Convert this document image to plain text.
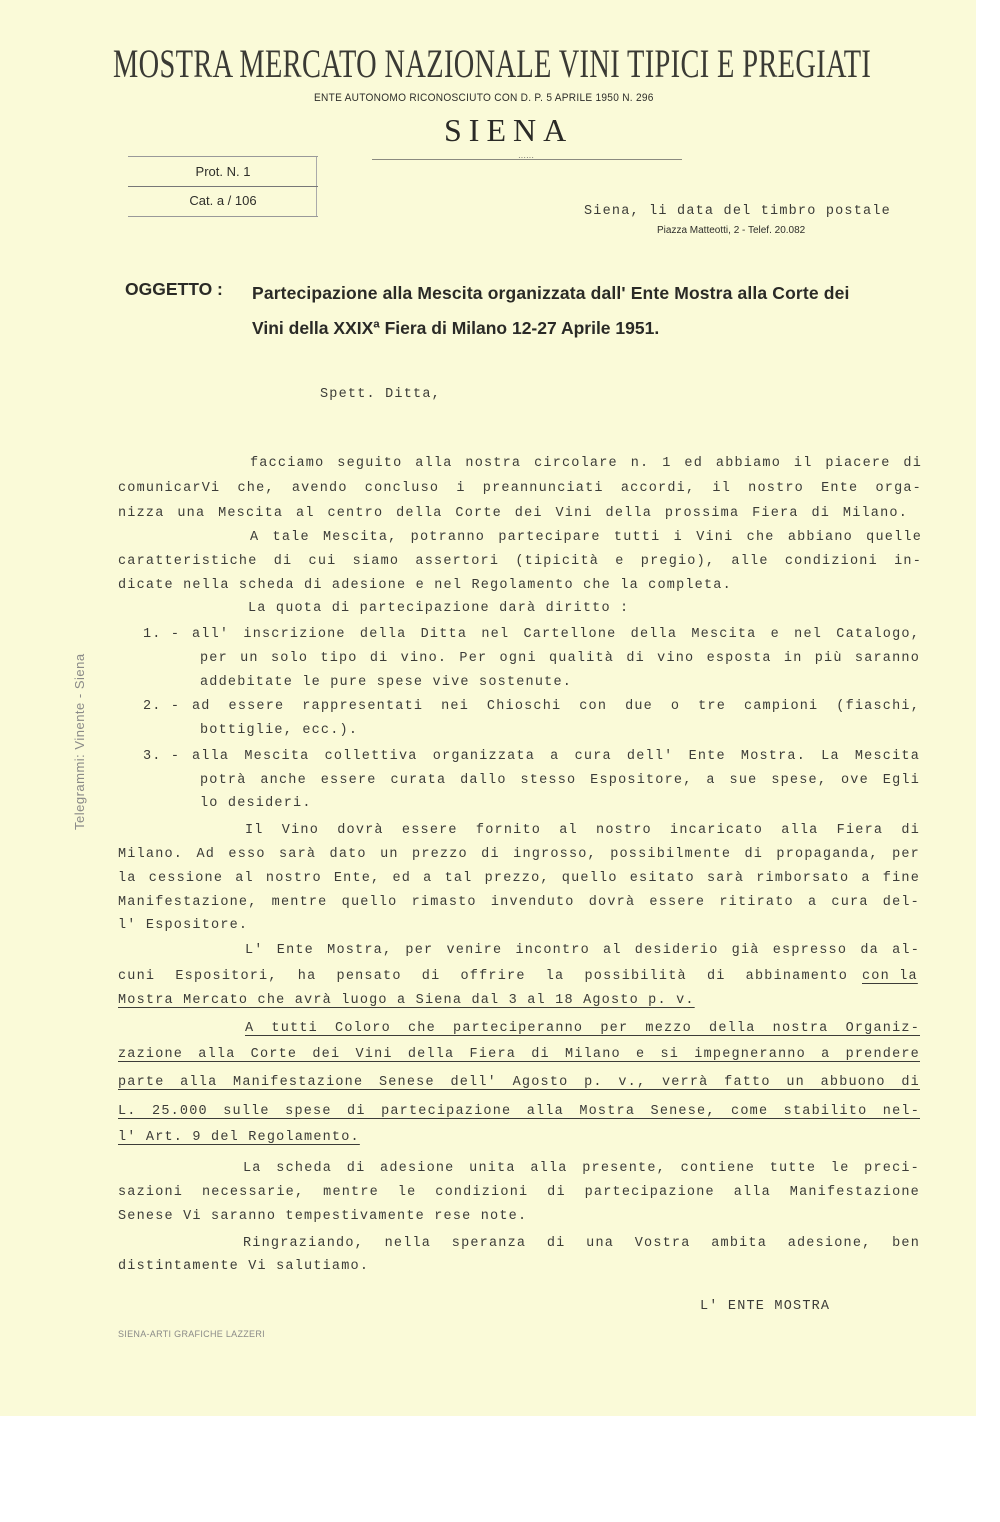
MOSTRA MERCATO NAZIONALE VINI TIPICI E PREGIATI
ENTE AUTONOMO RICONOSCIUTO CON D. P. 5 APRILE 1950 N. 296
SIENA
······
Prot. N. 1
Cat. a / 106
Siena, li data del timbro postale
Piazza Matteotti, 2 - Telef. 20.082
OGGETTO : Partecipazione alla Mescita organizzata dall' Ente Mostra alla Corte dei
Vini della XXIXª Fiera di Milano 12-27 Aprile 1951.
Spett. Ditta,
facciamo seguito alla nostra circolare n. 1 ed abbiamo il piacere di
comunicarVi che, avendo concluso i preannunciati accordi, il nostro Ente orga-
nizza una Mescita al centro della Corte dei Vini della prossima Fiera di Milano.
A tale Mescita, potranno partecipare tutti i Vini che abbiano quelle
caratteristiche di cui siamo assertori (tipicità e pregio), alle condizioni in-
dicate nella scheda di adesione e nel Regolamento che la completa.
La quota di partecipazione darà diritto :
1. - all' inscrizione della Ditta nel Cartellone della Mescita e nel Catalogo,
per un solo tipo di vino. Per ogni qualità di vino esposta in più saranno
addebitate le pure spese vive sostenute.
2. - ad essere rappresentati nei Chioschi con due o tre campioni (fiaschi,
bottiglie, ecc.).
3. - alla Mescita collettiva organizzata a cura dell' Ente Mostra. La Mescita
potrà anche essere curata dallo stesso Espositore, a sue spese, ove Egli
lo desideri.
Il Vino dovrà essere fornito al nostro incaricato alla Fiera di
Milano. Ad esso sarà dato un prezzo di ingrosso, possibilmente di propaganda, per
la cessione al nostro Ente, ed a tal prezzo, quello esitato sarà rimborsato a fine
Manifestazione, mentre quello rimasto invenduto dovrà essere ritirato a cura del-
l' Espositore.
L' Ente Mostra, per venire incontro al desiderio già espresso da al-
cuni Espositori, ha pensato di offrire la possibilità di abbinamento con la
Mostra Mercato che avrà luogo a Siena dal 3 al 18 Agosto p. v.
A tutti Coloro che parteciperanno per mezzo della nostra Organiz-
zazione alla Corte dei Vini della Fiera di Milano e si impegneranno a prendere
parte alla Manifestazione Senese dell' Agosto p. v., verrà fatto un abbuono di
L. 25.000 sulle spese di partecipazione alla Mostra Senese, come stabilito nel-
l' Art. 9 del Regolamento.
La scheda di adesione unita alla presente, contiene tutte le preci-
sazioni necessarie, mentre le condizioni di partecipazione alla Manifestazione
Senese Vi saranno tempestivamente rese note.
Ringraziando, nella speranza di una Vostra ambita adesione, ben
distintamente Vi salutiamo.
L' ENTE MOSTRA
Telegrammi: Vinente - Siena
SIENA-ARTI GRAFICHE LAZZERI
